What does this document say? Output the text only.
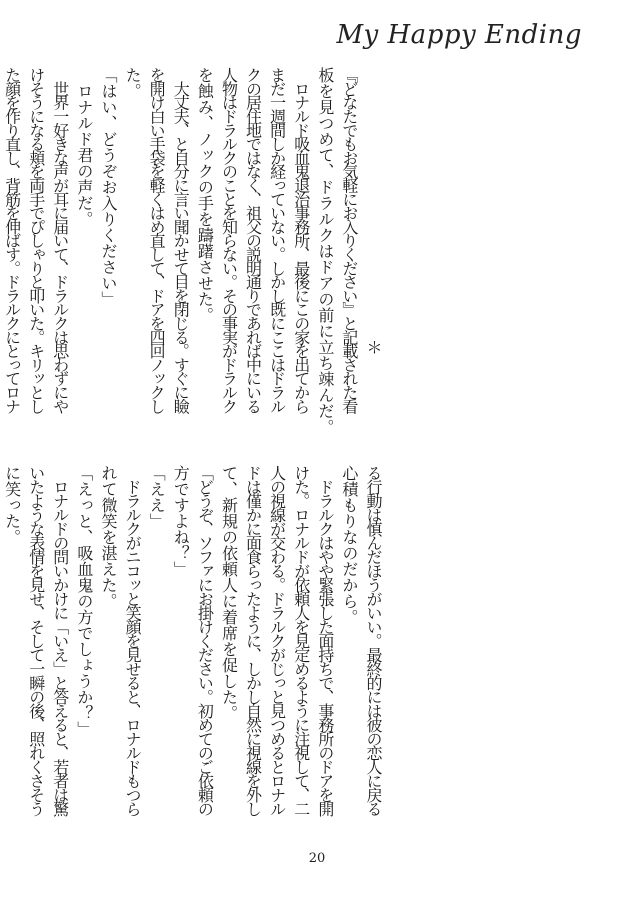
My Happy Ending
　　　　　　　　　　　　　　　　　＊
『どなたでもお気軽にお入りください』と記載された看
板を見つめて、ドラルクはドアの前に立ち竦んだ。
　ロナルド吸血鬼退治事務所、最後にこの家を出てから
まだ一週間しか経っていない。しかし既にここはドラル
クの居住地ではなく、祖父の説明通りであれば中にいる
人物はドラルクのことを知らない。その事実がドラルク
を蝕み、ノックの手を躊躇させた。
　大丈夫、と自分に言い聞かせて目を閉じる。すぐに瞼
を開け白い手袋を軽くはめ直して、ドアを四回ノックし
た。
「はい、どうぞお入りください」
　ロナルド君の声だ。
　世界一好きな声が耳に届いて、ドラルクは思わずにや
けそうになる頬を両手でぴしゃりと叩いた。キリッとし
た顔を作り直し、背筋を伸ばす。ドラルクにとってロナ
る行動は慎んだほうがいい。最終的には彼の恋人に戻る
心積もりなのだから。
　ドラルクはやや緊張した面持ちで、事務所のドアを開
けた。ロナルドが依頼人を見定めるように注視して、二
人の視線が交わる。ドラルクがじっと見つめるとロナル
ドは僅かに面食らったように、しかし自然に視線を外し
て、新規の依頼人に着席を促した。
「どうぞ、ソファにお掛けください。初めてのご依頼の
方ですよね？」
「ええ」
　ドラルクがニコッと笑顔を見せると、ロナルドもつら
れて微笑を湛えた。
「えっと、吸血鬼の方でしょうか？」
　ロナルドの問いかけに「いえ」と答えると、若者は驚
いたような表情を見せ、そして一瞬の後、照れくさそう
に笑った。
20
